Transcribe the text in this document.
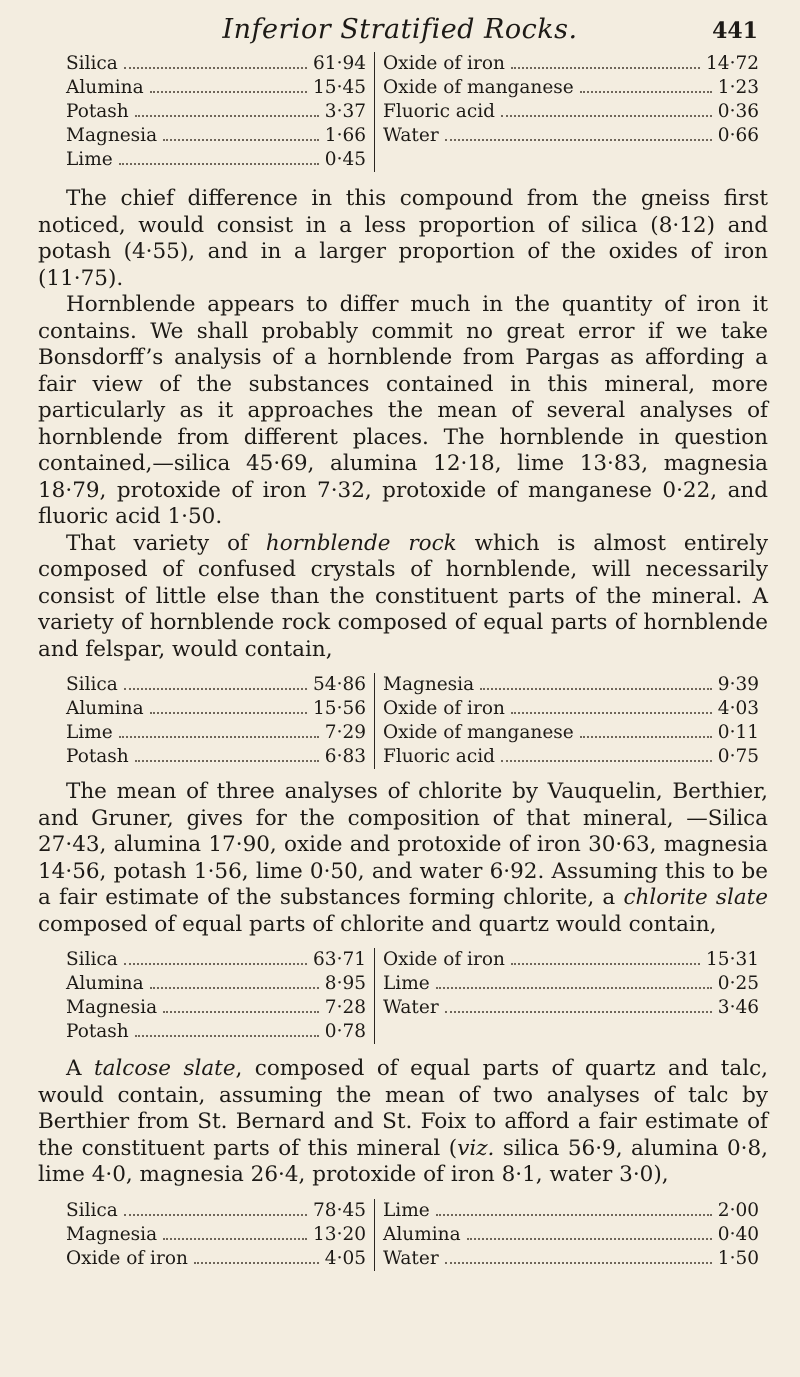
Inferior Stratified Rocks.	441
Silica	61·94
Alumina	15·45
Potash	3·37
Magnesia	1·66
Lime	0·45
Oxide of iron	14·72
Oxide of manganese	1·23
Fluoric acid	0·36
Water	0·66

The chief difference in this compound from the gneiss first noticed, would consist in a less proportion of silica (8·12) and potash (4·55), and in a larger proportion of the oxides of iron (11·75).

Hornblende appears to differ much in the quantity of iron it contains. We shall probably commit no great error if we take Bonsdorff’s analysis of a hornblende from Pargas as affording a fair view of the substances contained in this mineral, more particularly as it approaches the mean of several analyses of hornblende from different places. The hornblende in question contained,—silica 45·69, alumina 12·18, lime 13·83, magnesia 18·79, protoxide of iron 7·32, protoxide of manganese 0·22, and fluoric acid 1·50.

That variety of hornblende rock which is almost entirely composed of confused crystals of hornblende, will necessarily consist of little else than the constituent parts of the mineral. A variety of hornblende rock composed of equal parts of hornblende and felspar, would contain,

Silica	54·86
Alumina	15·56
Lime	7·29
Potash	6·83
Magnesia	9·39
Oxide of iron	4·03
Oxide of manganese	0·11
Fluoric acid	0·75

The mean of three analyses of chlorite by Vauquelin, Berthier, and Gruner, gives for the composition of that mineral, —Silica 27·43, alumina 17·90, oxide and protoxide of iron 30·63, magnesia 14·56, potash 1·56, lime 0·50, and water 6·92. Assuming this to be a fair estimate of the substances forming chlorite, a chlorite slate composed of equal parts of chlorite and quartz would contain,

Silica	63·71
Alumina	8·95
Magnesia	7·28
Potash	0·78
Oxide of iron	15·31
Lime	0·25
Water	3·46

A talcose slate, composed of equal parts of quartz and talc, would contain, assuming the mean of two analyses of talc by Berthier from St. Bernard and St. Foix to afford a fair estimate of the constituent parts of this mineral (viz. silica 56·9, alumina 0·8, lime 4·0, magnesia 26·4, protoxide of iron 8·1, water 3·0),

Silica	78·45
Magnesia	13·20
Oxide of iron	4·05
Lime	2·00
Alumina	0·40
Water	1·50
